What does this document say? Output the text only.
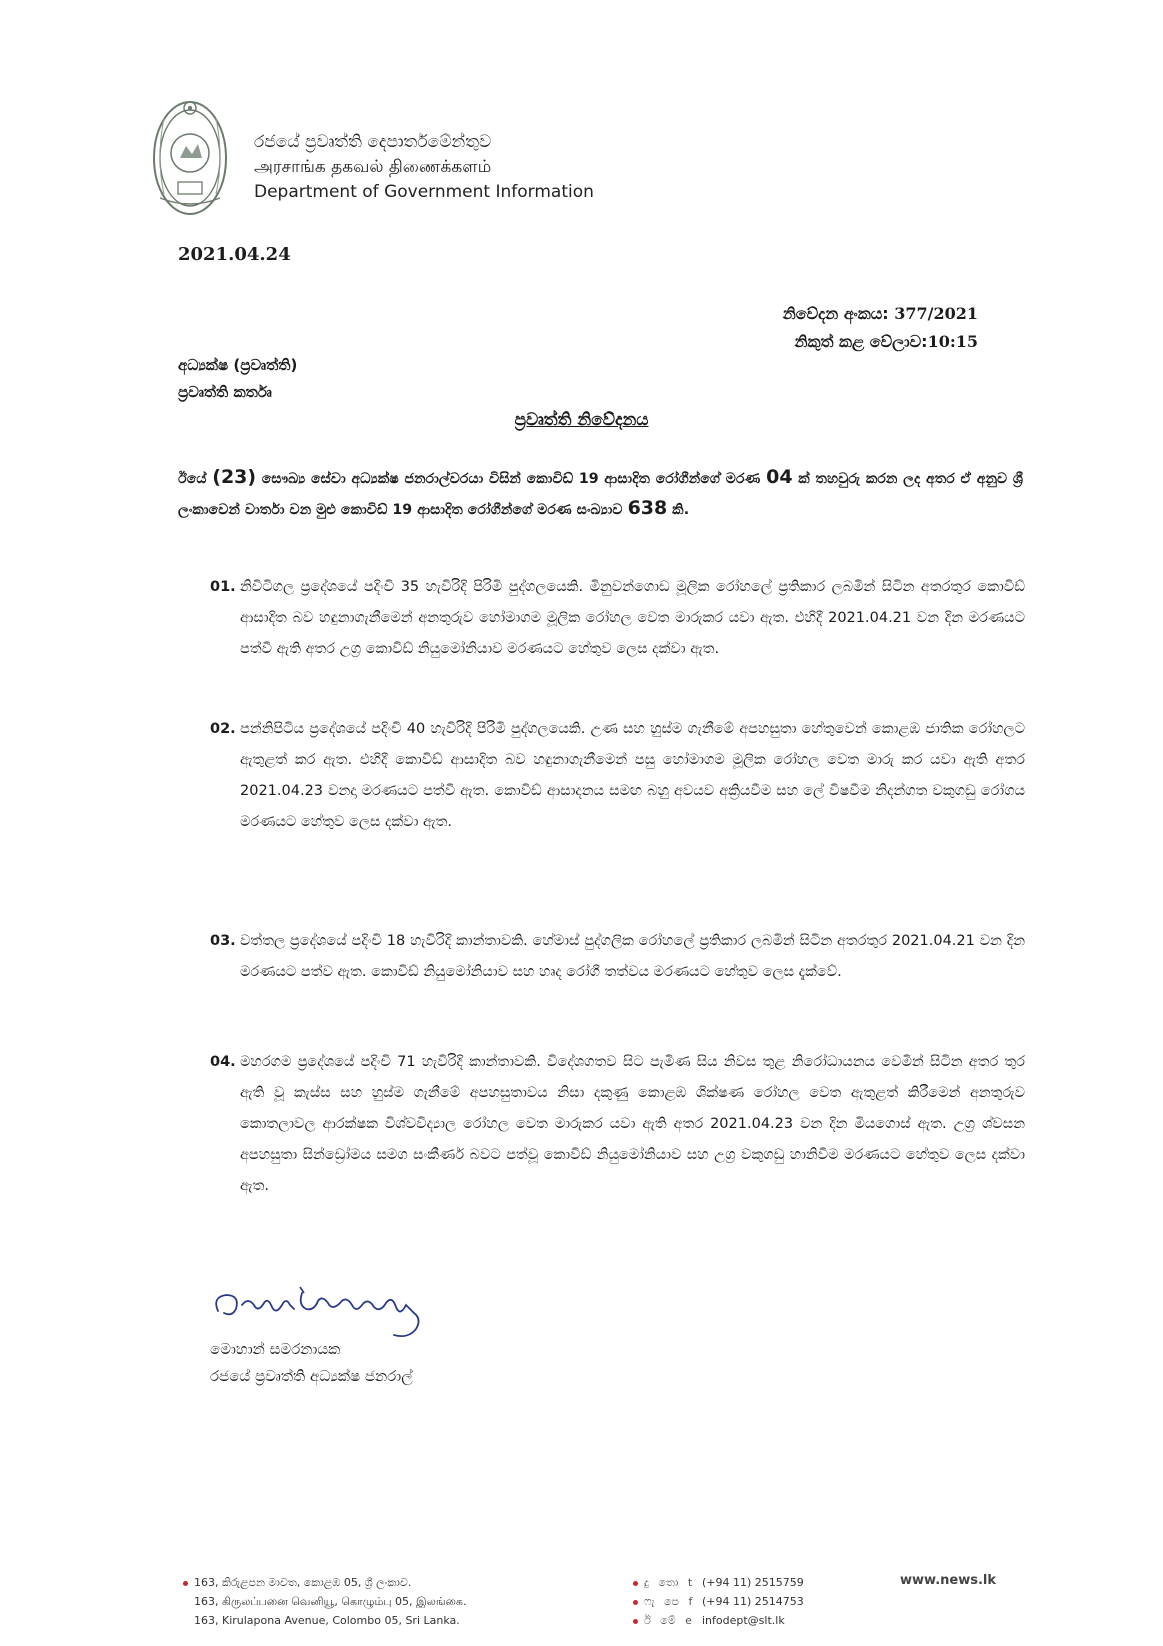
රජයේ ප්‍රවෘත්ති දෙපාර්තමේන්තුව
அரசாங்க தகவல் திணைக்களம்
Department of Government Information
2021.04.24
නිවේදන අංකය: 377/2021
නිකුත් කළ වේලාව:10:15
අධ්‍යක්ෂ (ප්‍රවෘත්ති)
ප්‍රවෘත්ති කර්තෘ
ප්‍රවෘත්ති නිවේදනය
ඊයේ (23) සෞඛ්‍ය සේවා අධ්‍යක්ෂ ජනරාල්වරයා විසින් කොවිඩ් 19 ආසාදිත රෝගීන්ගේ මරණ 04 ක් තහවුරු කරන ලද අතර ඒ අනුව ශ්‍රී ලංකාවෙන් වාර්තා වන මුළු කොවිඩ් 19 ආසාදිත රෝගීන්ගේ මරණ සංඛ්‍යාව 638 කි.
01. නිවිටිගල ප්‍රදේශයේ පදිංචි 35 හැවිරිදි පිරිමි පුද්ගලයෙකි. මිනුවන්ගොඩ මූලික රෝහලේ ප්‍රතිකාර ලබමින් සිටින අතරතුර කොවිඩ් ආසාදිත බව හඳුනාගැනීමෙන් අනතුරුව හෝමාගම මූලික රෝහල වෙත මාරුකර යවා ඇත. එහිදී 2021.04.21 වන දින මරණයට පත්වී ඇති අතර උග්‍ර කොවිඩ් නියුමෝනියාව මරණයට හේතුව ලෙස දක්වා ඇත.
02. පන්නිපිටිය ප්‍රදේශයේ පදිංචි 40 හැවිරිදි පිරිමි පුද්ගලයෙකි. උණ සහ හුස්ම ගැනීමේ අපහසුතා හේතුවෙන් කොළඹ ජාතික රෝහලට ඇතුළත් කර ඇත. එහිදී කොවිඩ් ආසාදිත බව හඳුනාගැනීමෙන් පසු හෝමාගම මූලික රෝහල වෙත මාරු කර යවා ඇති අතර 2021.04.23 වනදා මරණයට පත්වී ඇත. කොවිඩ් ආසාදනය සමඟ බහු අවයව අක්‍රියවීම සහ ලේ විෂවීම නිදන්ගත වකුගඩු රෝගය මරණයට හේතුව ලෙස දක්වා ඇත.
03. වත්තල ප්‍රදේශයේ පදිංචි 18 හැවිරිදි කාන්තාවකි. හේමාස් පුද්ගලික රෝහලේ ප්‍රතිකාර ලබමින් සිටින අතරතුර 2021.04.21 වන දින මරණයට පත්ව ඇත. කොවිඩ් නියුමෝනියාව සහ හෘද රෝගී තත්වය මරණයට හේතුව ලෙස දැක්වේ.
04. මහරගම ප්‍රදේශයේ පදිංචි 71 හැවිරිදි කාන්තාවකි. විදේශගතව සිට පැමිණ සිය නිවස තුළ නිරෝධායනය වෙමින් සිටින අතර තුර ඇති වූ කැස්ස සහ හුස්ම ගැනීමේ අපහසුතාවය නිසා දකුණු කොළඹ ශික්ෂණ රෝහල වෙත ඇතුළත් කිරීමෙන් අනතුරුව කොතලාවල ආරක්ෂක විශ්වවිද්‍යාල රෝහල වෙත මාරුකර යවා ඇති අතර 2021.04.23 වන දින මියගොස් ඇත. උග්‍ර ශ්වසන අපහසුතා සින්ඩ්‍රෝමය සමග සංකීර්ණ බවට පත්වූ කොවිඩ් නියුමෝනියාව සහ උග්‍ර වකුගඩු හානිවීම මරණයට හේතුව ලෙස දක්වා ඇත.
මොහාන් සමරනායක
රජයේ ප්‍රවෘත්ති අධ්‍යක්ෂ ජනරාල්
163, කිරුළපන මාවත, කොළඹ 05, ශ්‍රී ලංකාව.
163, கிருலப்பனை வெனியூ, கொழும்பு 05, இலங்கை.
163, Kirulapona Avenue, Colombo 05, Sri Lanka.
දු තො t (+94 11) 2515759
ෆැ පෙ f (+94 11) 2514753
ඊ මේ e infodept@slt.lk
www.news.lk
